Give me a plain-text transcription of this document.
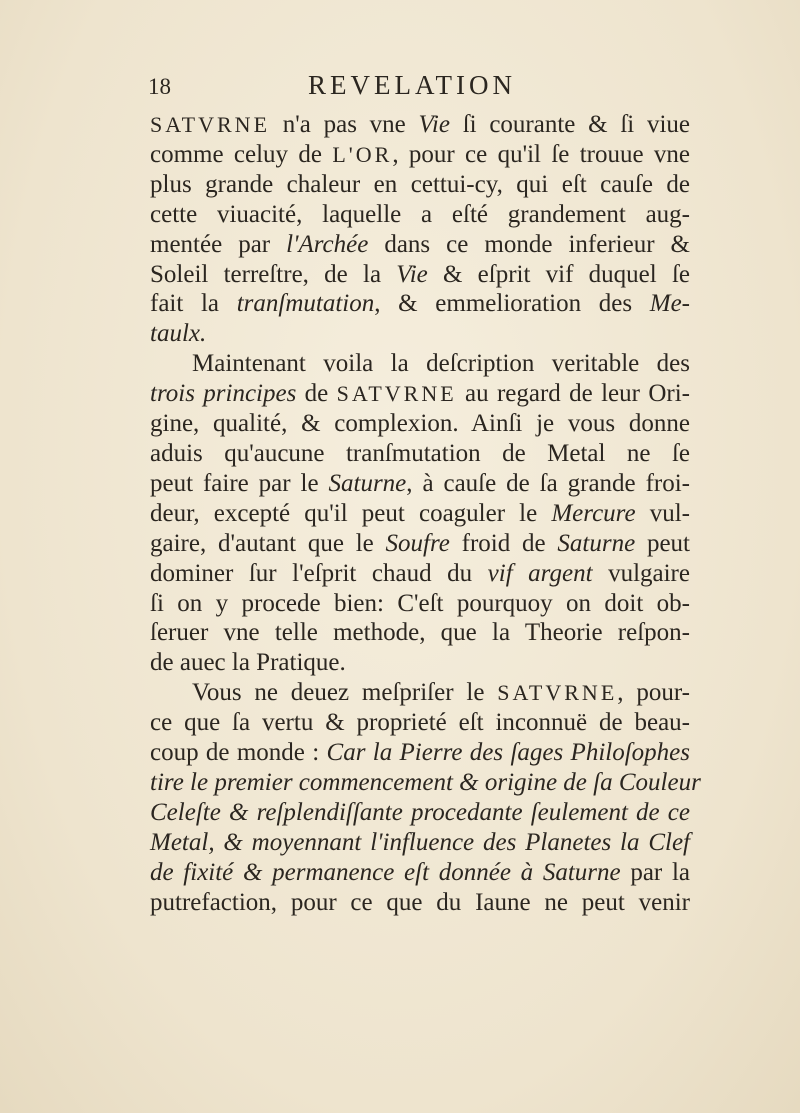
18	REVELATION
SATVRNE n'a pas vne Vie ſi courante & ſi viue
comme celuy de L'OR, pour ce qu'il ſe trouue vne
plus grande chaleur en cettui-cy, qui eſt cauſe de
cette viuacité, laquelle a eſté grandement aug-
mentée par l'Archée dans ce monde inferieur &
Soleil terreſtre, de la Vie & eſprit vif duquel ſe
fait la tranſmutation, & emmelioration des Me-
taulx.
Maintenant voila la deſcription veritable des
trois principes de SATVRNE au regard de leur Ori-
gine, qualité, & complexion. Ainſi je vous donne
aduis qu'aucune tranſmutation de Metal ne ſe
peut faire par le Saturne, à cauſe de ſa grande froi-
deur, excepté qu'il peut coaguler le Mercure vul-
gaire, d'autant que le Soufre froid de Saturne peut
dominer ſur l'eſprit chaud du vif argent vulgaire
ſi on y procede bien: C'eſt pourquoy on doit ob-
ſeruer vne telle methode, que la Theorie reſpon-
de auec la Pratique.
Vous ne deuez meſpriſer le SATVRNE, pour-
ce que ſa vertu & proprieté eſt inconnuë de beau-
coup de monde : Car la Pierre des ſages Philoſophes
tire le premier commencement & origine de ſa Couleur
Celeſte & reſplendiſſante procedante ſeulement de ce
Metal, & moyennant l'influence des Planetes la Clef
de fixité & permanence eſt donnée à Saturne par la
putrefaction, pour ce que du Iaune ne peut venir
